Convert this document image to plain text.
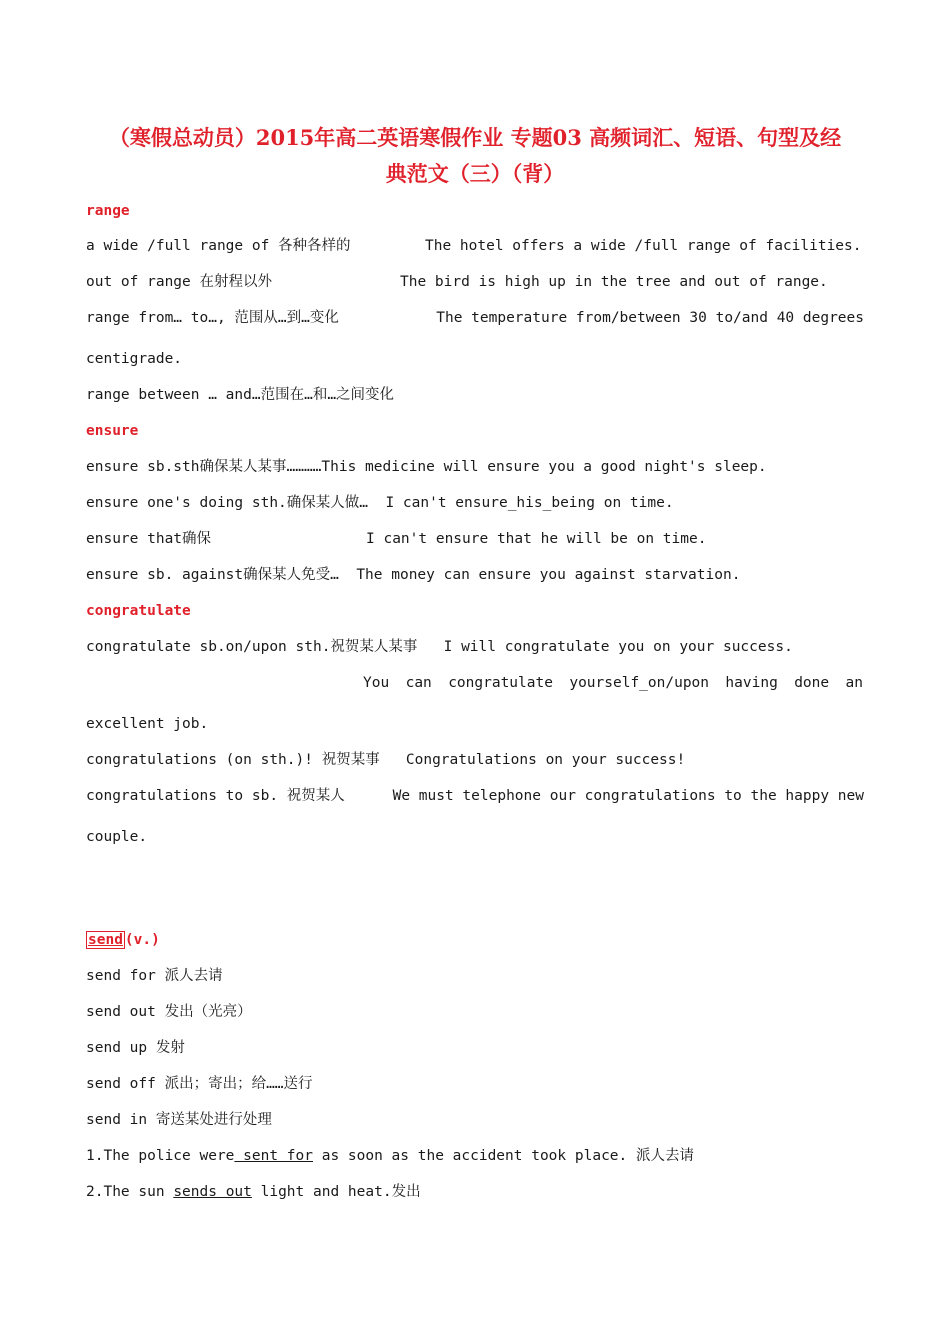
（寒假总动员）2015年高二英语寒假作业 专题03 高频词汇、短语、句型及经
典范文（三）（背）
range
a wide /full range of 各种各样的	The hotel offers a wide /full range of facilities.
out of range 在射程以外	The bird is high up in the tree and out of range.
range from… to…, 范围从…到…变化	The temperature from/between 30 to/and 40 degrees
centigrade.
range between … and…范围在…和…之间变化
ensure
ensure sb.sth确保某人某事…………This medicine will ensure you a good night's sleep.
ensure one's doing sth.确保某人做…  I can't ensure_his_being on time.
ensure that确保	I can't ensure that he will be on time.
ensure sb. against确保某人免受…  The money can ensure you against starvation.
congratulate
congratulate sb.on/upon sth.祝贺某人某事   I will congratulate you on your success.
You can congratulate yourself_on/upon having done an
excellent job.
congratulations (on sth.)! 祝贺某事   Congratulations on your success!
congratulations to sb. 祝贺某人	We must telephone our congratulations to the happy new
couple.
send (v.)
send for 派人去请
send out 发出（光亮）
send up 发射
send off 派出；寄出；给……送行
send in 寄送某处进行处理
1.The police were sent for as soon as the accident took place. 派人去请
2.The sun sends out light and heat.发出
